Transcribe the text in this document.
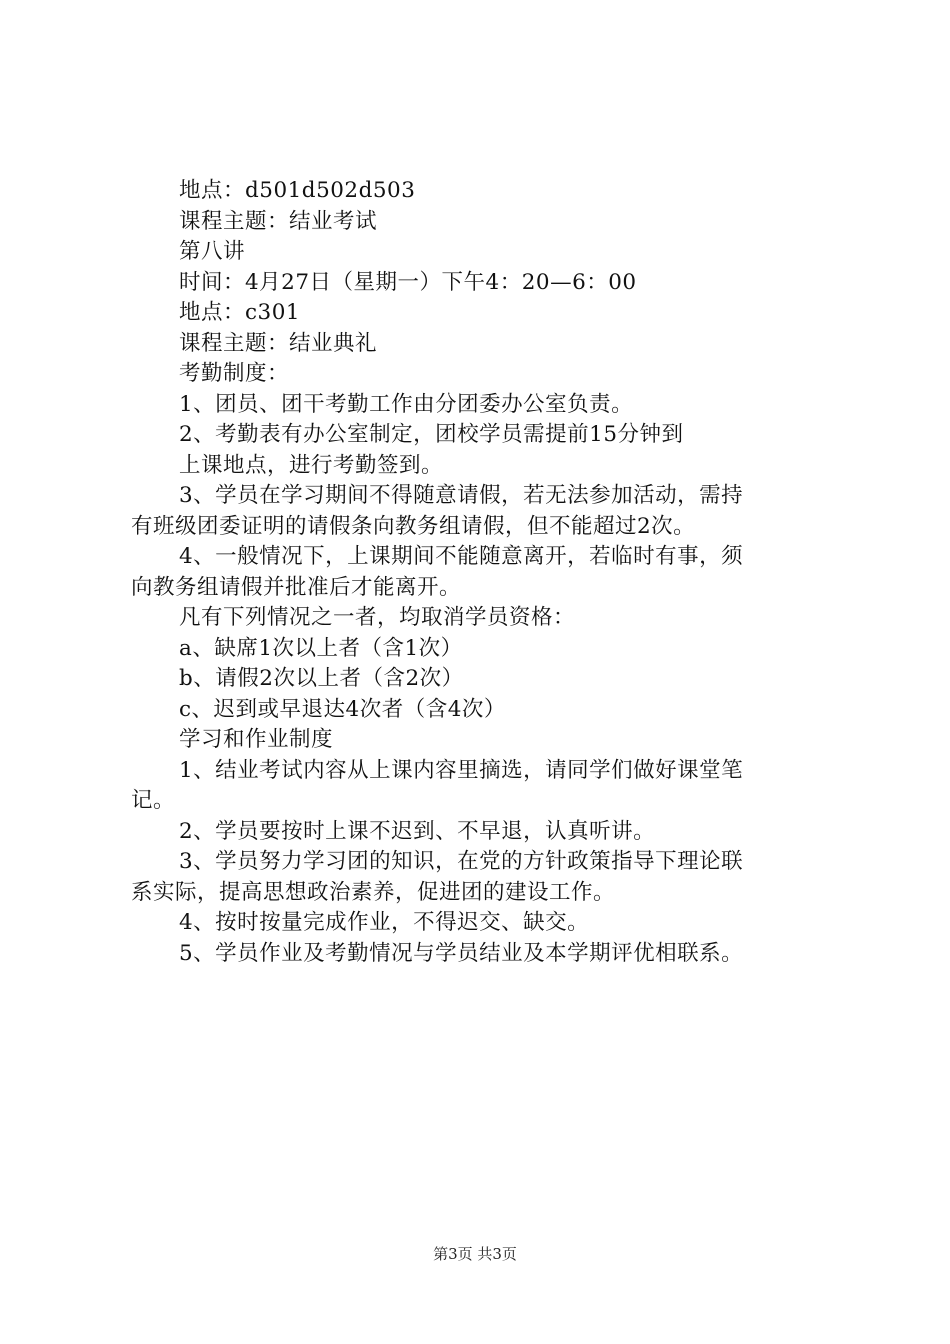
地点：d501d502d503
课程主题：结业考试
第八讲
时间：4月27日（星期一）下午4：20—6：00
地点：c301
课程主题：结业典礼
考勤制度：
1、团员、团干考勤工作由分团委办公室负责。
2、考勤表有办公室制定，团校学员需提前15分钟到
上课地点，进行考勤签到。
3、学员在学习期间不得随意请假，若无法参加活动，需持
有班级团委证明的请假条向教务组请假，但不能超过2次。
4、一般情况下，上课期间不能随意离开，若临时有事，须
向教务组请假并批准后才能离开。
凡有下列情况之一者，均取消学员资格：
a、缺席1次以上者（含1次）
b、请假2次以上者（含2次）
c、迟到或早退达4次者（含4次）
学习和作业制度
1、结业考试内容从上课内容里摘选，请同学们做好课堂笔
记。
2、学员要按时上课不迟到、不早退，认真听讲。
3、学员努力学习团的知识，在党的方针政策指导下理论联
系实际，提高思想政治素养，促进团的建设工作。
4、按时按量完成作业，不得迟交、缺交。
5、学员作业及考勤情况与学员结业及本学期评优相联系。
第3页 共3页
